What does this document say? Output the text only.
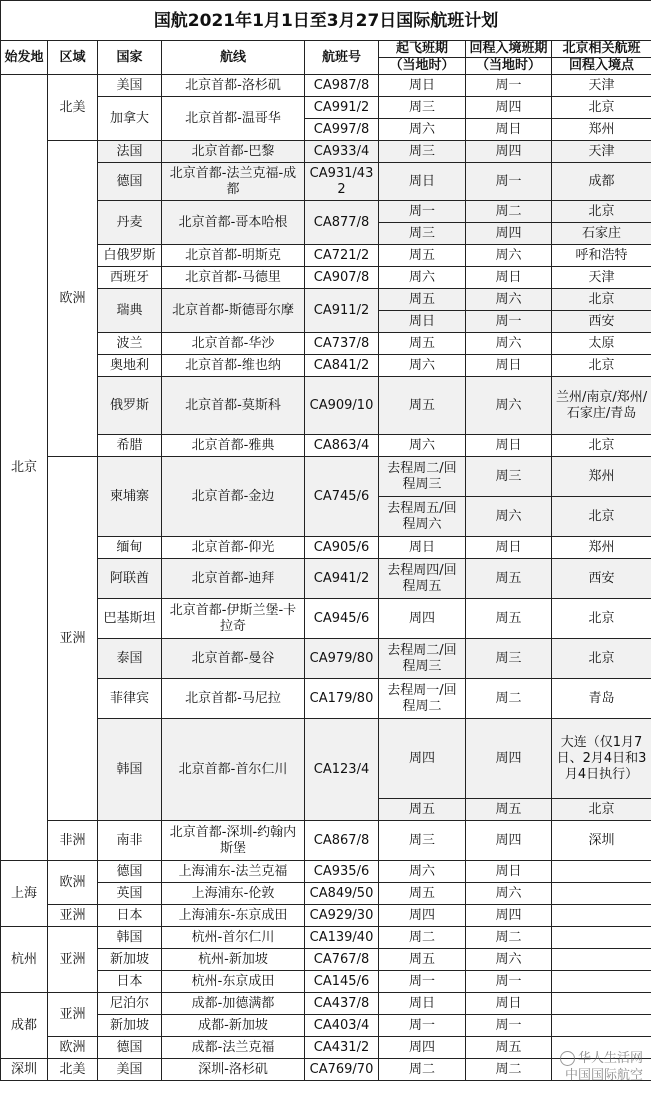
国航2021年1月1日至3月27日国际航班计划							
始发地	区域	国家	航线	航班号	起飞班期	回程入境班期	北京相关航班
					（当地时）	（当地时）	回程入境点
北京	北美	美国	北京首都-洛杉矶	CA987/8	周日	周一	天津
		加拿大	北京首都-温哥华	CA991/2	周三	周四	北京
				CA997/8	周六	周日	郑州
	欧洲	法国	北京首都-巴黎	CA933/4	周三	周四	天津
		德国	北京首都-法兰克福-成都	CA931/432	周日	周一	成都
		丹麦	北京首都-哥本哈根	CA877/8	周一	周二	北京
					周三	周四	石家庄
		白俄罗斯	北京首都-明斯克	CA721/2	周五	周六	呼和浩特
		西班牙	北京首都-马德里	CA907/8	周六	周日	天津
		瑞典	北京首都-斯德哥尔摩	CA911/2	周五	周六	北京
					周日	周一	西安
		波兰	北京首都-华沙	CA737/8	周五	周六	太原
		奥地利	北京首都-维也纳	CA841/2	周六	周日	北京
		俄罗斯	北京首都-莫斯科	CA909/10	周五	周六	兰州/南京/郑州/石家庄/青岛
		希腊	北京首都-雅典	CA863/4	周六	周日	北京
	亚洲	柬埔寨	北京首都-金边	CA745/6	去程周二/回程周三	周三	郑州
					去程周五/回程周六	周六	北京
		缅甸	北京首都-仰光	CA905/6	周日	周日	郑州
		阿联酋	北京首都-迪拜	CA941/2	去程周四/回程周五	周五	西安
		巴基斯坦	北京首都-伊斯兰堡-卡拉奇	CA945/6	周四	周五	北京
		泰国	北京首都-曼谷	CA979/80	去程周二/回程周三	周三	北京
		菲律宾	北京首都-马尼拉	CA179/80	去程周一/回程周二	周二	青岛
		韩国	北京首都-首尔仁川	CA123/4	周四	周四	大连（仅1月7日、2月4日和3月4日执行）
					周五	周五	北京
	非洲	南非	北京首都-深圳-约翰内斯堡	CA867/8	周三	周四	深圳
上海	欧洲	德国	上海浦东-法兰克福	CA935/6	周六	周日	
		英国	上海浦东-伦敦	CA849/50	周五	周六	
	亚洲	日本	上海浦东-东京成田	CA929/30	周四	周四	
杭州	亚洲	韩国	杭州-首尔仁川	CA139/40	周二	周二	
		新加坡	杭州-新加坡	CA767/8	周五	周六	
		日本	杭州-东京成田	CA145/6	周一	周一	
成都	亚洲	尼泊尔	成都-加德满都	CA437/8	周日	周日	
		新加坡	成都-新加坡	CA403/4	周一	周一	
	欧洲	德国	成都-法兰克福	CA431/2	周四	周五	
深圳	北美	美国	深圳-洛杉矶	CA769/70	周二	周二	
华人生活网
中国国际航空
